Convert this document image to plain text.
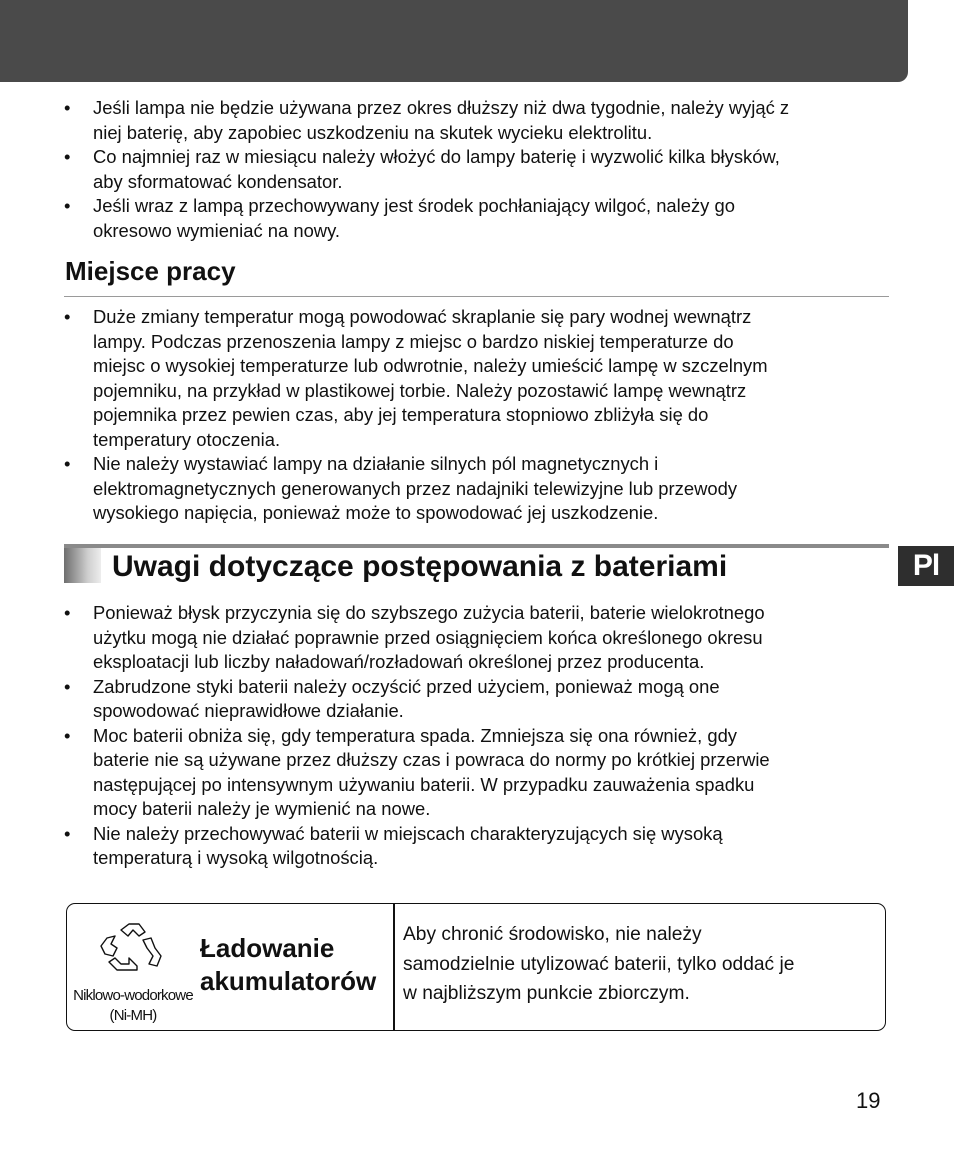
• Jeśli lampa nie będzie używana przez okres dłuższy niż dwa tygodnie, należy wyjąć z
niej baterię, aby zapobiec uszkodzeniu na skutek wycieku elektrolitu.
• Co najmniej raz w miesiącu należy włożyć do lampy baterię i wyzwolić kilka błysków,
aby sformatować kondensator.
• Jeśli wraz z lampą przechowywany jest środek pochłaniający wilgoć, należy go
okresowo wymieniać na nowy.
Miejsce pracy
• Duże zmiany temperatur mogą powodować skraplanie się pary wodnej wewnątrz
lampy. Podczas przenoszenia lampy z miejsc o bardzo niskiej temperaturze do
miejsc o wysokiej temperaturze lub odwrotnie, należy umieścić lampę w szczelnym
pojemniku, na przykład w plastikowej torbie. Należy pozostawić lampę wewnątrz
pojemnika przez pewien czas, aby jej temperatura stopniowo zbliżyła się do
temperatury otoczenia.
• Nie należy wystawiać lampy na działanie silnych pól magnetycznych i
elektromagnetycznych generowanych przez nadajniki telewizyjne lub przewody
wysokiego napięcia, ponieważ może to spowodować jej uszkodzenie.
Uwagi dotyczące postępowania z bateriami	Pl
• Ponieważ błysk przyczynia się do szybszego zużycia baterii, baterie wielokrotnego
użytku mogą nie działać poprawnie przed osiągnięciem końca określonego okresu
eksploatacji lub liczby naładowań/rozładowań określonej przez producenta.
• Zabrudzone styki baterii należy oczyścić przed użyciem, ponieważ mogą one
spowodować nieprawidłowe działanie.
• Moc baterii obniża się, gdy temperatura spada. Zmniejsza się ona również, gdy
baterie nie są używane przez dłuższy czas i powraca do normy po krótkiej przerwie
następującej po intensywnym używaniu baterii. W przypadku zauważenia spadku
mocy baterii należy je wymienić na nowe.
• Nie należy przechowywać baterii w miejscach charakteryzujących się wysoką
temperaturą i wysoką wilgotnością.
Niklowo-wodorkowe
(Ni-MH)
Ładowanie
akumulatorów
Aby chronić środowisko, nie należy
samodzielnie utylizować baterii, tylko oddać je
w najbliższym punkcie zbiorczym.
19
